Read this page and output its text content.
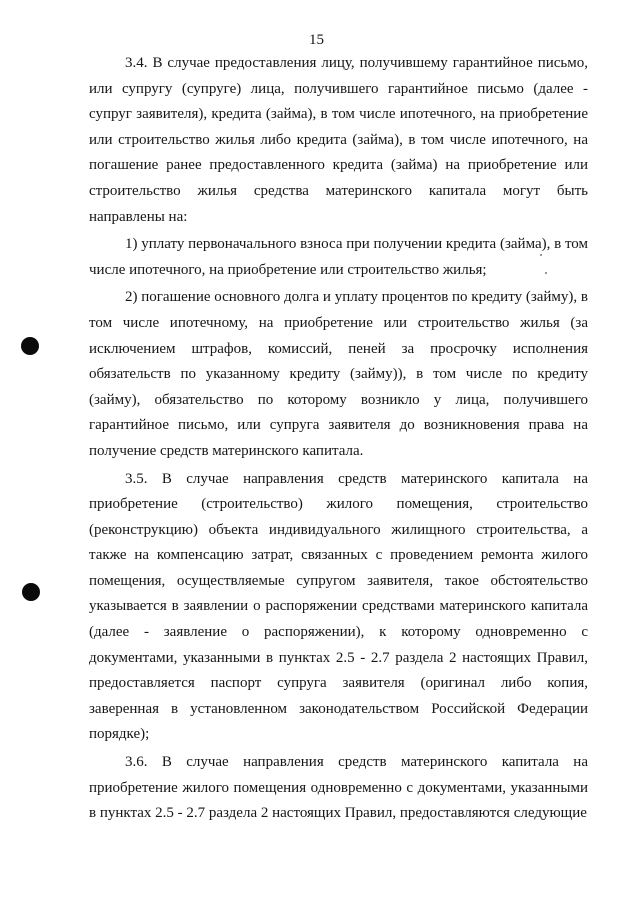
15

3.4. В случае предоставления лицу, получившему гарантийное письмо, или супругу (супруге) лица, получившего гарантийное письмо (далее - супруг заявителя), кредита (займа), в том числе ипотечного, на приобретение или строительство жилья либо кредита (займа), в том числе ипотечного, на погашение ранее предоставленного кредита (займа) на приобретение или строительство жилья средства материнского капитала могут быть направлены на:

1) уплату первоначального взноса при получении кредита (займа), в том числе ипотечного, на приобретение или строительство жилья;

2) погашение основного долга и уплату процентов по кредиту (займу), в том числе ипотечному, на приобретение или строительство жилья (за исключением штрафов, комиссий, пеней за просрочку исполнения обязательств по указанному кредиту (займу)), в том числе по кредиту (займу), обязательство по которому возникло у лица, получившего гарантийное письмо, или супруга заявителя до возникновения права на получение средств материнского капитала.

3.5. В случае направления средств материнского капитала на приобретение (строительство) жилого помещения, строительство (реконструкцию) объекта индивидуального жилищного строительства, а также на компенсацию затрат, связанных с проведением ремонта жилого помещения, осуществляемые супругом заявителя, такое обстоятельство указывается в заявлении о распоряжении средствами материнского капитала (далее - заявление о распоряжении), к которому одновременно с документами, указанными в пунктах 2.5 - 2.7 раздела 2 настоящих Правил, предоставляется паспорт супруга заявителя (оригинал либо копия, заверенная в установленном законодательством Российской Федерации порядке);

3.6. В случае направления средств материнского капитала на приобретение жилого помещения одновременно с документами, указанными в пунктах 2.5 - 2.7 раздела 2 настоящих Правил, предоставляются следующие
